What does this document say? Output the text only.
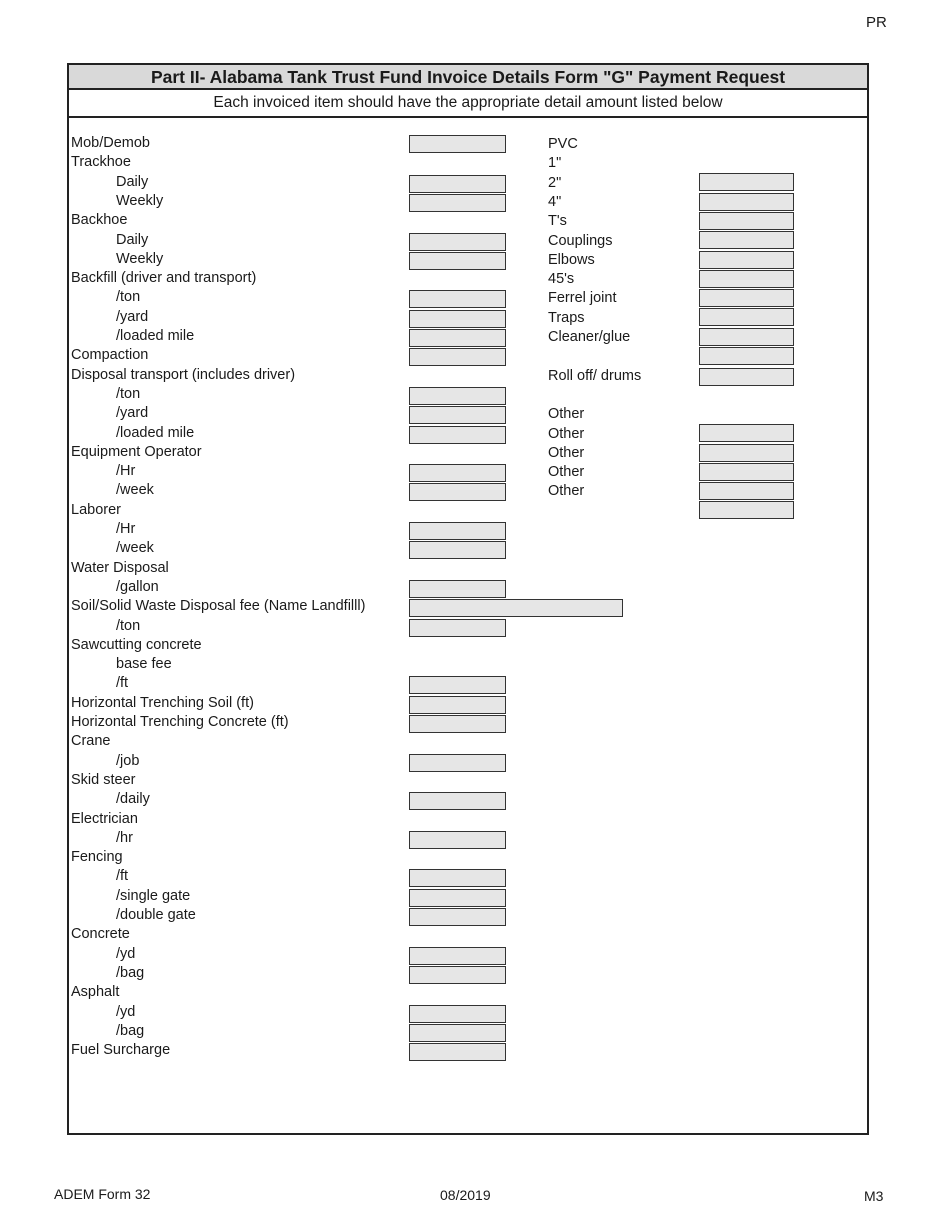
PR
Part II- Alabama Tank Trust Fund Invoice Details Form "G" Payment Request
Each invoiced item should have the appropriate detail amount listed below
Mob/Demob
Trackhoe
Daily
Weekly
Backhoe
Daily
Weekly
Backfill (driver and transport)
/ton
/yard
/loaded mile
Compaction
Disposal transport (includes driver)
/ton
/yard
/loaded mile
Equipment Operator
/Hr
/week
Laborer
/Hr
/week
Water Disposal
/gallon
Soil/Solid Waste Disposal fee (Name Landfilll)
/ton
Sawcutting concrete
base fee
/ft
Horizontal Trenching Soil (ft)
Horizontal Trenching Concrete (ft)
Crane
/job
Skid steer
/daily
Electrician
/hr
Fencing
/ft
/single gate
/double gate
Concrete
/yd
/bag
Asphalt
/yd
/bag
Fuel Surcharge
PVC
1"
2"
4"
T's
Couplings
Elbows
45's
Ferrel joint
Traps
Cleaner/glue
Roll off/ drums
Other
Other
Other
Other
Other
ADEM Form 32	08/2019	M3
